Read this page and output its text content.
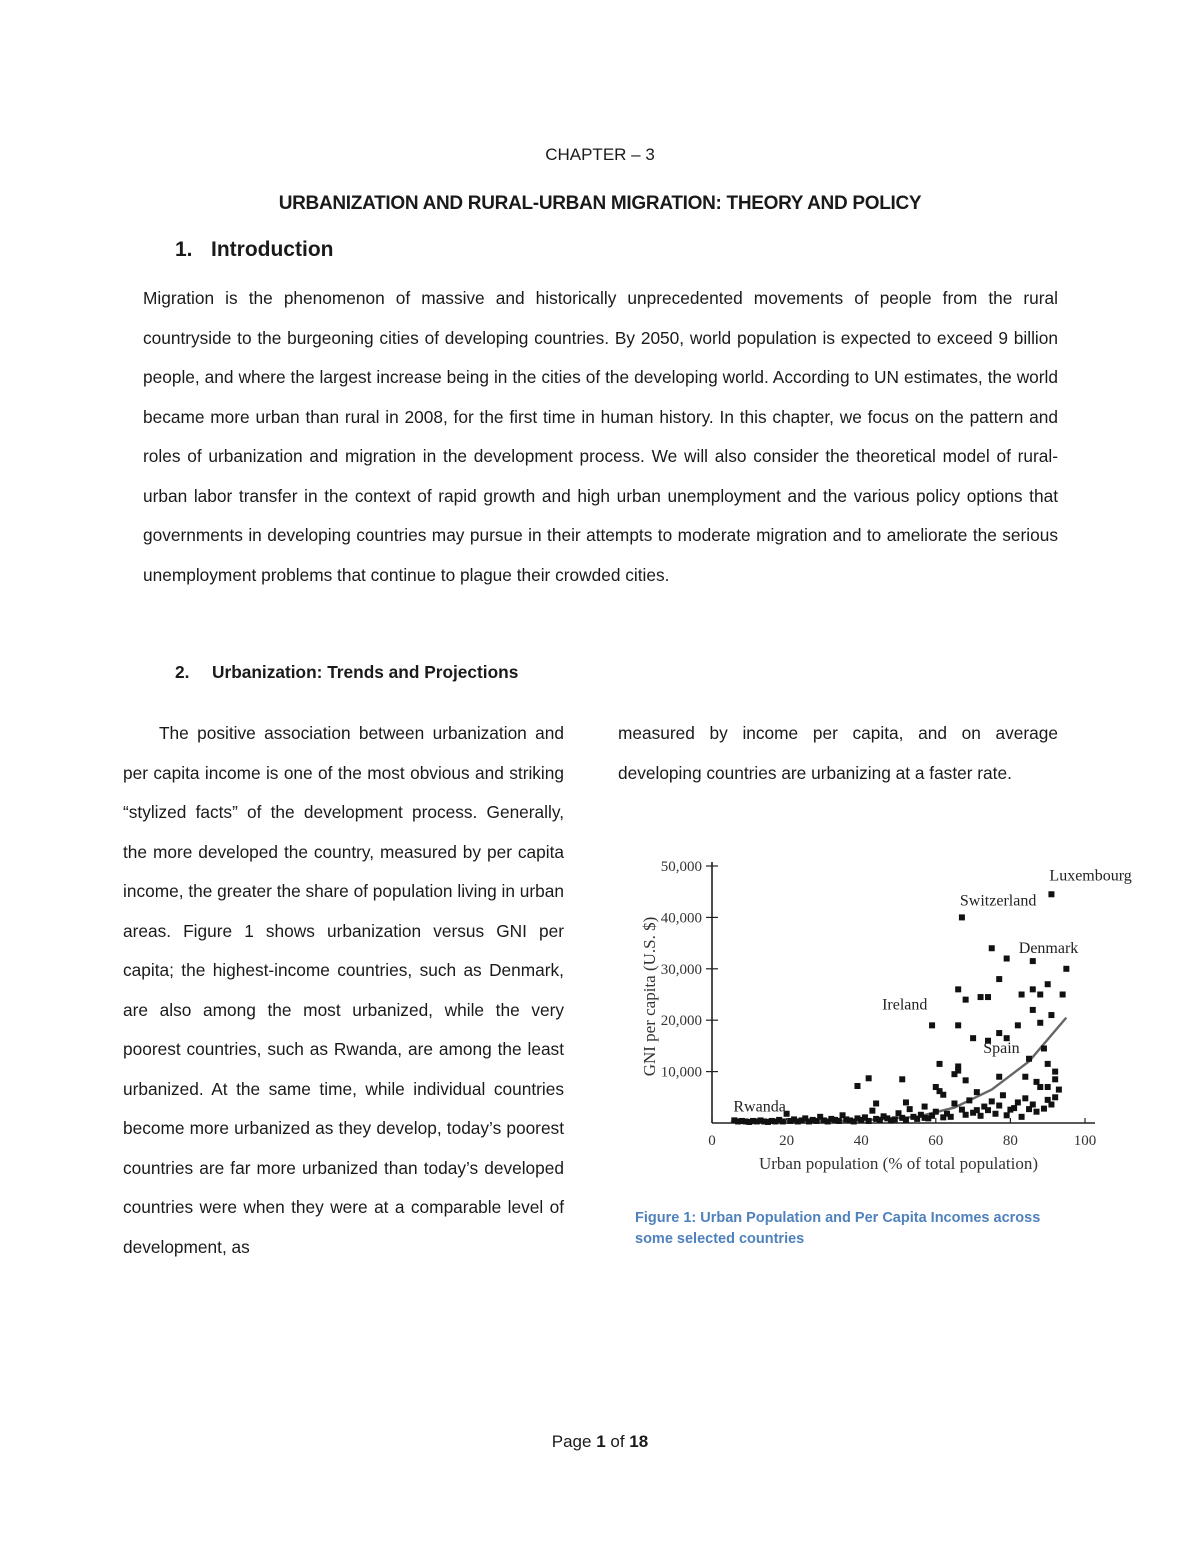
CHAPTER – 3
URBANIZATION AND RURAL-URBAN MIGRATION: THEORY AND POLICY
1. Introduction
Migration is the phenomenon of massive and historically unprecedented movements of people from the rural countryside to the burgeoning cities of developing countries. By 2050, world population is expected to exceed 9 billion people, and where the largest increase being in the cities of the developing world. According to UN estimates, the world became more urban than rural in 2008, for the first time in human history. In this chapter, we focus on the pattern and roles of urbanization and migration in the development process. We will also consider the theoretical model of rural-urban labor transfer in the context of rapid growth and high urban unemployment and the various policy options that governments in developing countries may pursue in their attempts to moderate migration and to ameliorate the serious unemployment problems that continue to plague their crowded cities.
2. Urbanization: Trends and Projections
The positive association between urbanization and per capita income is one of the most obvious and striking “stylized facts” of the development process. Generally, the more developed the country, measured by per capita income, the greater the share of population living in urban areas. Figure 1 shows urbanization versus GNI per capita; the highest-income countries, such as Denmark, are also among the most urbanized, while the very poorest countries, such as Rwanda, are among the least urbanized. At the same time, while individual countries become more urbanized as they develop, today’s poorest countries are far more urbanized than today’s developed countries were when they were at a comparable level of development, as
measured by income per capita, and on average developing countries are urbanizing at a faster rate.
0	20	40	60	80	100
10,000
20,000
30,000
40,000
50,000
Urban population (% of total population)
GNI per capita (U.S. $)
Luxembourg
Switzerland
Denmark
Ireland
Spain
Rwanda
Figure 1: Urban Population and Per Capita Incomes across some selected countries
Page 1 of 18
